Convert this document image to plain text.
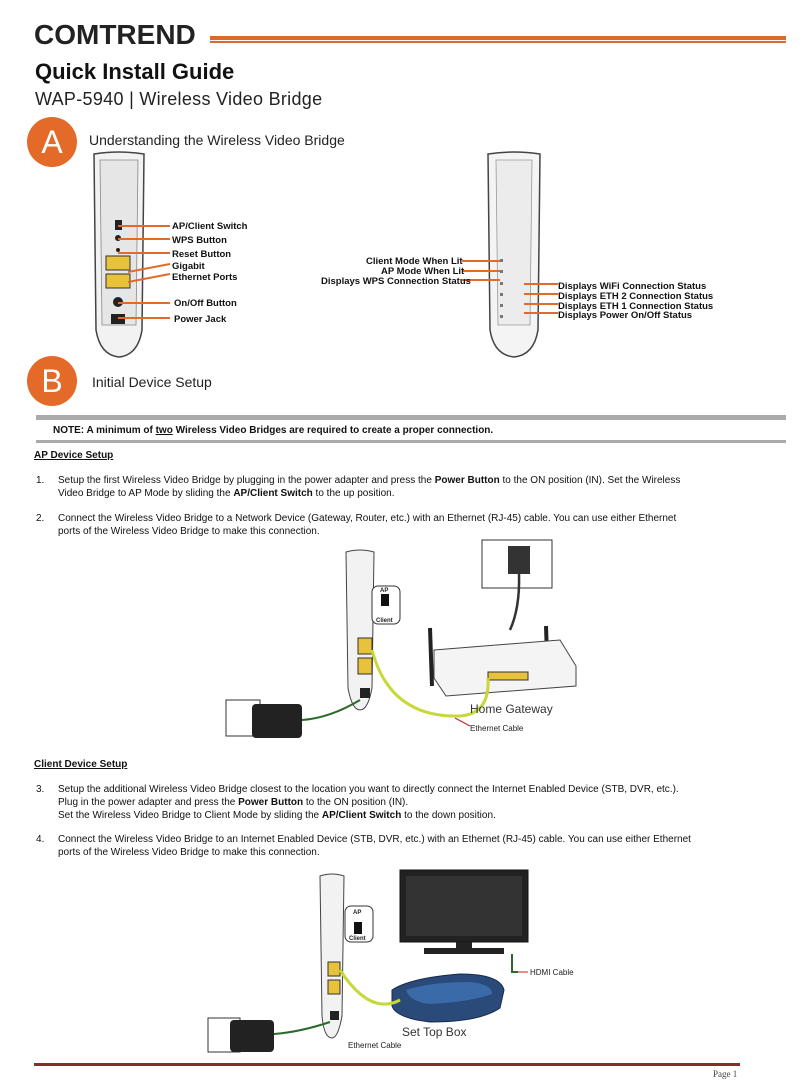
COMTREND
Quick Install Guide
WAP-5940 | Wireless Video Bridge
A	Understanding the Wireless Video Bridge
AP/Client Switch
WPS Button
Reset Button
Gigabit
Ethernet Ports
On/Off Button
Power Jack
Client Mode When Lit
AP Mode When Lit
Displays WPS Connection Status	Displays WiFi Connection Status
Displays ETH 2 Connection Status
Displays ETH 1 Connection Status
Displays Power On/Off Status
B	Initial Device Setup
NOTE: A minimum of two Wireless Video Bridges are required to create a proper connection.
AP Device Setup
1. Setup the first Wireless Video Bridge by plugging in the power adapter and press the Power Button to the ON position (IN). Set the Wireless
Video Bridge to AP Mode by sliding the AP/Client Switch to the up position.
2. Connect the Wireless Video Bridge to a Network Device (Gateway, Router, etc.) with an Ethernet (RJ-45) cable. You can use either Ethernet
ports of the Wireless Video Bridge to make this connection.
AP
Client
Home Gateway
Ethernet Cable
Client Device Setup
3. Setup the additional Wireless Video Bridge closest to the location you want to directly connect the Internet Enabled Device (STB, DVR, etc.).
Plug in the power adapter and press the Power Button to the ON position (IN).
Set the Wireless Video Bridge to Client Mode by sliding the AP/Client Switch to the down position.
4. Connect the Wireless Video Bridge to an Internet Enabled Device (STB, DVR, etc.) with an Ethernet (RJ-45) cable. You can use either Ethernet
ports of the Wireless Video Bridge to make this connection.
HDMI Cable
AP
Client
Set Top Box
Ethernet Cable
Page 1
